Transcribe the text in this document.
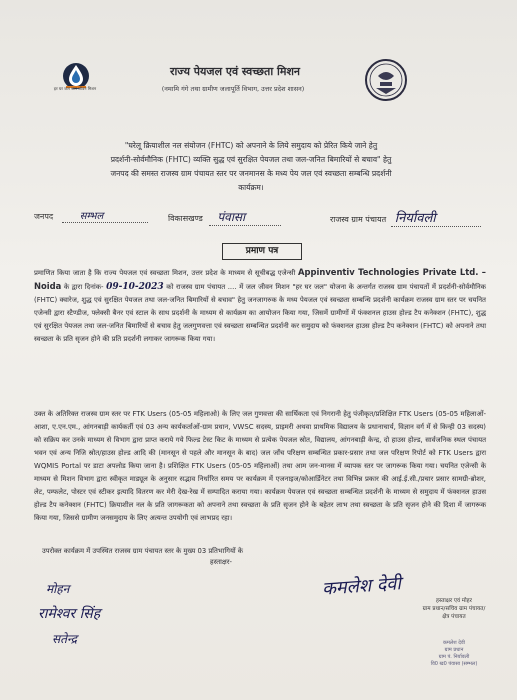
हर घर जल जल जीवन मिशन
राज्य पेयजल एवं स्वच्छता मिशन
(नमामि गंगे तथा ग्रामीण जलापूर्ति विभाग, उत्तर प्रदेश शासन)
"घरेलू क्रियाशील नल संयोजन (FHTC) को अपनाने के लिये समुदाय को प्रेरित किये जाने हेतु
प्रदर्शनी-सोर्वमौनिक (FHTC) व्यक्ति सुद्ध एवं सुरक्षित पेयजल तथा जल-जनित बिमारियों से बचाव" हेतु
जनपद की समस्त राजस्व ग्राम पंचायत स्तर पर जनमानस के मध्य पेय जल एवं स्वच्छता सम्बन्धि प्रदर्शनी
कार्यक्रम।
जनपद	सम्भल	विकासखण्ड पंवासा	राजस्व ग्राम पंचायत निर्यावली
प्रमाण पत्र
प्रमाणित किया जाता है कि राज्य पेयजल एवं स्वच्छता मिशन, उत्तर प्रदेश के माध्यम से सूचीबद्ध एजेन्सी Appinventiv Technologies Private Ltd. – Noida के द्वारा दिनांक- 09-10-2023 को राजस्व ग्राम पंचायत .... में जल जीवन मिशन "हर घर जल" योजना के अन्तर्गत राजस्व ग्राम पंचायतों में प्रदर्शनी-सोर्वमौनिक (FHTC) क्वारेज, शुद्ध एवं सुरक्षित पेयजल तथा जल-जनित बिमारियों से बचाव" हेतु जनजागरुक के मध्य पेयजल एवं स्वच्छता सम्बन्धि प्रदर्शनी कार्यक्रम राजस्व ग्राम स्तर पर चयनित एजेन्सी द्वारा स्टैण्डीज, फ्लेक्सी बैनर एवं स्टाल के साथ प्रदर्शनी के माध्यम से कार्यक्रम का आयोजन किया गया, जिसमें ग्रामीणों में फंक्शनल हाउस होल्ड टैप कनेक्शन (FHTC), शुद्ध एवं सुरक्षित पेयजल तथा जल-जनित बिमारियों से बचाव हेतु जलगुणवत्ता एवं स्वच्छता सम्बन्धित प्रदर्शनी कर समुदाय को फंक्शनल हाउस होल्ड टैप कनेक्शन (FHTC) को अपनाने तथा स्वच्छता के प्रति सृजन होने की प्रति प्रदर्शनी लगाकर जागरूक किया गया।
उक्त के अतिरिक्त राजस्व ग्राम स्तर पर FTK Users (05-05 महिलाओ) के लिए जल गुणवत्ता की सार्थिकता एवं निगरानी हेतु पंजीकृत/प्रशिक्षित FTK Users (05-05 महिलाओं-आशा, ए.एन.एम., आंगनबाड़ी कार्यकर्ती एवं 03 अन्य कार्यकर्ताओं-ग्राम प्रधान, VWSC सदस्य, प्राइमरी अथवा प्राथमिक विद्यालय के प्रधानाचार्य, विज्ञान वर्ग में से किन्ही 03 सदस्य) को सक्रिय कर उनके माध्यम से विभाग द्वारा प्राप्त कराये गये फिल्ड टेस्ट किट के माध्यम से प्रत्येक पेयजल स्रोत, विद्यालय, आंगनबाड़ी केन्द्र, दो हाउस होल्ड, सार्वजनिक स्थल पंचायत भवन एवं अन्य निजि स्रोत/हाउस होल्ड आदि की (मानसून से पहले और मानसून के बाद) जल जाँच परिक्षण सम्बन्धित प्रकार-प्रसार तथा जल परिक्षण रिपोर्ट को FTK Users द्वारा WQMIS Portal पर डाटा अपलोड किया जाना है। प्रशिक्षित FTK Users (05-05 महिलाओं) तथा आम जन-मानस में व्यापक स्तर पर जागरूक किया गया। चयनित एजेन्सी के माध्यम से मिशन विभाग द्वारा स्वीकृत माड्यूल के अनुसार सद्भाव निर्धारित समय पर कार्यक्रम में एजनाइज/कोआर्डिनेटर तथा विभिन्न प्रकार की आई.ई.सी./प्रचार प्रसार सामग्री-ब्रोशर, लेट, पम्फलेट, पोस्टर एवं स्टीकर इत्यादि वितरण कर मेरी देख-रेख में सम्पादित कराया गया। कार्यक्रम पेयजल एवं स्वच्छता सम्बन्धित प्रदर्शनी के माध्यम से समुदाय में फंक्शनल हाउस होल्ड टैप कनेक्शन (FHTC) क्रियाशील नल के प्रति जागरूकता को अपनाने तथा स्वच्छता के प्रति सृजन होने के बहेतर लाभ तथा स्वच्छता के प्रति सृजन होने की दिशा में जागरूक किया गया, जिससे ग्रामीण जनसमुदाय के लिए अत्यन्त उपयोगी एवं लाभप्रद रहा।
उपरोक्त कार्यक्रम में उपस्थित राजस्व ग्राम पंचायत स्तर के मुख्य 03 प्रतिभागियों के
हस्ताक्षर-
मोहन
रामेश्वर सिंह
सतेन्द्र
कमलेश देवी
हस्ताक्षर एवं मोहर
ग्राम प्रधान/सचिव ग्राम पंचायत/
क्षेत्र पंचायत
कमलेश देवी
ग्राम प्रधान
ग्राम पं. निर्यावली
वि0 ख0 पंवासा (सम्भल)
